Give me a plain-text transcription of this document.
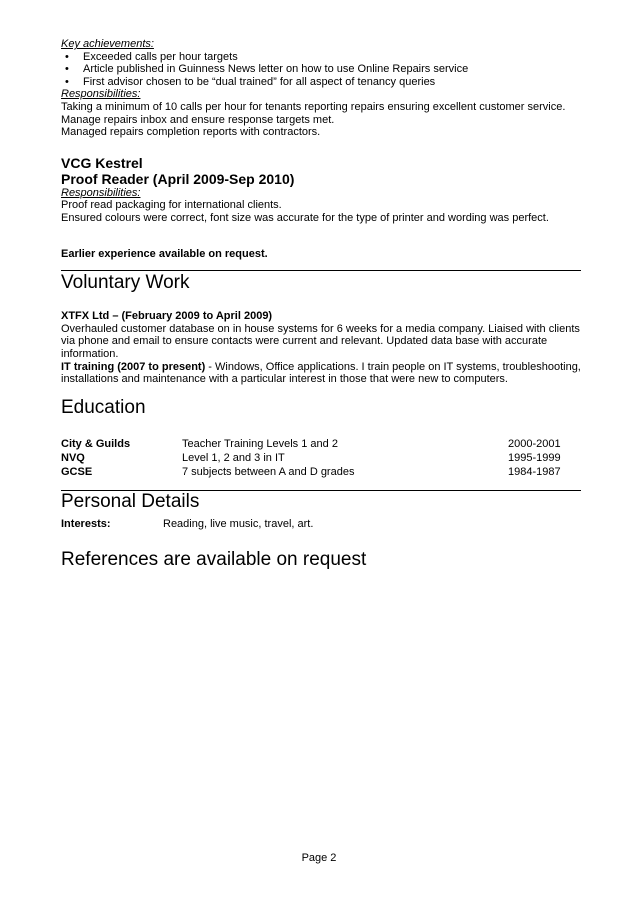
Key achievements:
• Exceeded calls per hour targets
• Article published in Guinness News letter on how to use Online Repairs service
• First advisor chosen to be “dual trained” for all aspect of tenancy queries
Responsibilities:
Taking a minimum of 10 calls per hour for tenants reporting repairs ensuring excellent customer service.
Manage repairs inbox and ensure response targets met.
Managed repairs completion reports with contractors.
VCG Kestrel
Proof Reader (April 2009-Sep 2010)
Responsibilities:
Proof read packaging for international clients.
Ensured colours were correct, font size was accurate for the type of printer and wording was perfect.
Earlier experience available on request.
Voluntary Work
XTFX Ltd – (February 2009 to April 2009)
Overhauled customer database on in house systems for 6 weeks for a media company. Liaised with clients via phone and email to ensure contacts were current and relevant. Updated data base with accurate information.
IT training (2007 to present) - Windows, Office applications. I train people on IT systems, troubleshooting, installations and maintenance with a particular interest in those that were new to computers.
Education
City & Guilds	Teacher Training Levels 1 and 2	2000-2001
NVQ	Level 1, 2 and 3 in IT	1995-1999
GCSE	7 subjects between A and D grades	1984-1987
Personal Details
Interests:	Reading, live music, travel, art.
References are available on request
Page 2
